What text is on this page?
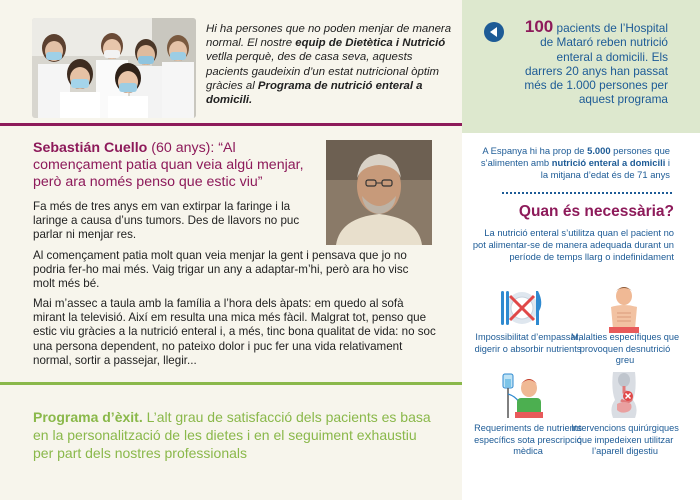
Hi ha persones que no poden menjar de manera normal. El nostre equip de Dietètica i Nutrició vetlla perquè, des de casa seva, aquests pacients gaudeixin d’un estat nutricional òptim gràcies al Programa de nutrició enteral a domicili.
Sebastián Cuello (60 anys): “Al començament patia quan veia algú menjar, però ara només penso que estic viu”
Fa més de tres anys em van extirpar la faringe i la laringe a causa d’uns tumors. Des de llavors no puc parlar ni menjar res.
Al començament patia molt quan veia menjar la gent i pensava que jo no podria fer-ho mai més. Vaig trigar un any a adaptar-m’hi, però ara ho visc molt més bé.
Mai m’assec a taula amb la família a l’hora dels àpats: em quedo al sofà mirant la televisió. Així em resulta una mica més fàcil. Malgrat tot, penso que estic viu gràcies a la nutrició enteral i, a més, tinc bona qualitat de vida: no soc una persona dependent, no pateixo dolor i puc fer una vida relativament normal, sortir a passejar, llegir...
Programa d’èxit. L’alt grau de satisfacció dels pacients es basa en la personalització de les dietes i en el seguiment exhaustiu per part dels nostres professionals
100 pacients de l’Hospital de Mataró reben nutrició enteral a domicili. Els darrers 20 anys han passat més de 1.000 persones per aquest programa
A Espanya hi ha prop de 5.000 persones que s’alimenten amb nutrició enteral a domicili i la mitjana d’edat és de 71 anys
Quan és necessària?
La nutrició enteral s’utilitza quan el pacient no pot alimentar-se de manera adequada durant un període de temps llarg o indefinidament
Impossibilitat d’empassar, digerir o absorbir nutrients
Malalties específiques que provoquen desnutrició greu
Requeriments de nutrients específics sota prescripció mèdica
Intervencions quirúrgiques que impedeixen utilitzar l’aparell digestiu
